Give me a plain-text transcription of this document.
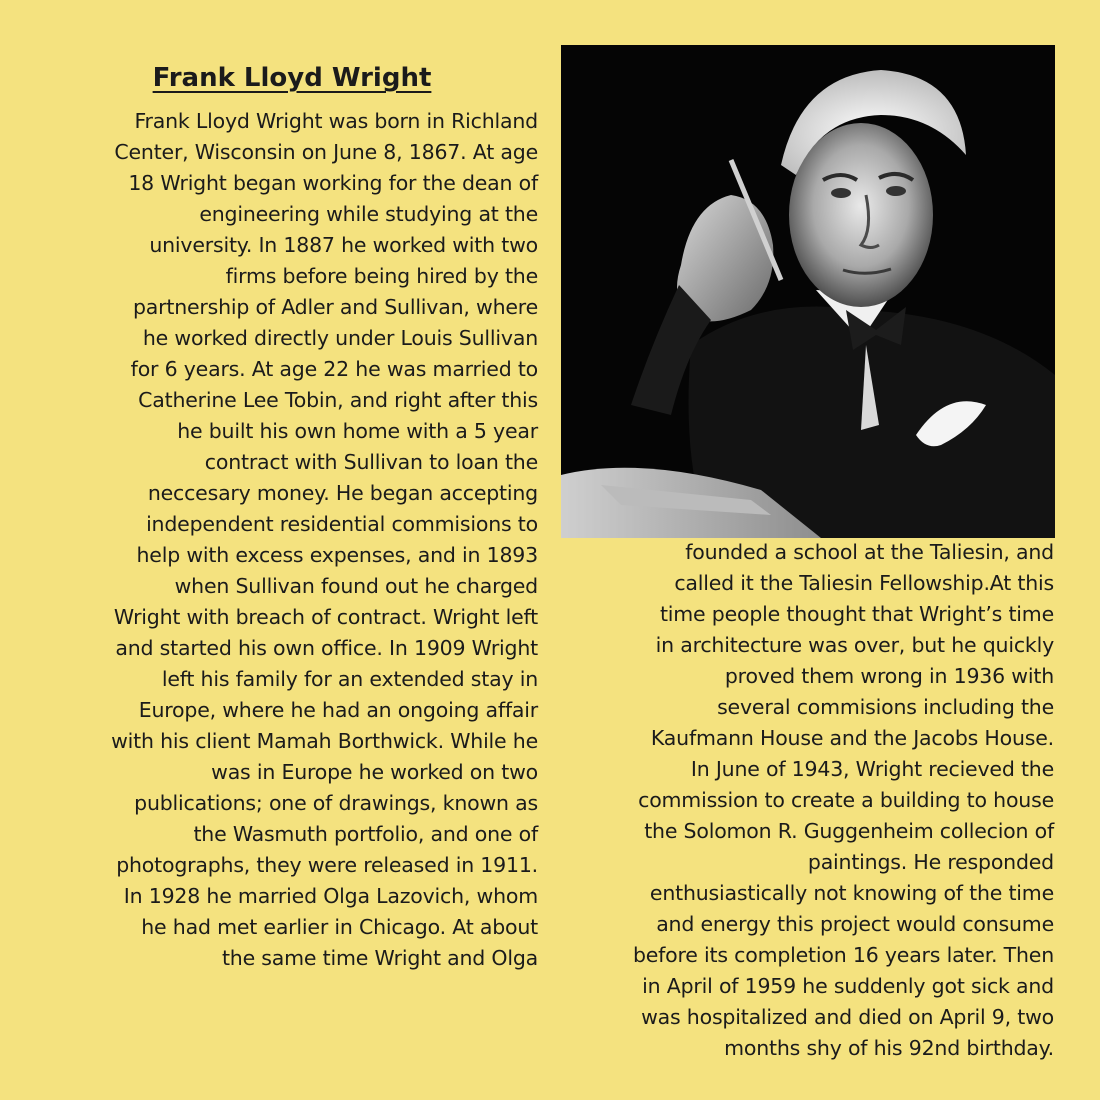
Frank Lloyd Wright
Frank Lloyd Wright was born in Richland
Center, Wisconsin on June 8, 1867. At age
18 Wright began working for the dean of
engineering while studying at the
university. In 1887 he worked with two
firms before being hired by the
partnership of Adler and Sullivan, where
he worked directly under Louis Sullivan
for 6 years. At age 22 he was married to
Catherine Lee Tobin, and right after this
he built his own home with a 5 year
contract with Sullivan to loan the
neccesary money. He began accepting
independent residential commisions to
help with excess expenses, and in 1893
when Sullivan found out he charged
Wright with breach of contract. Wright left
and started his own office. In 1909 Wright
left his family for an extended stay in
Europe, where he had an ongoing affair
with his client Mamah Borthwick. While he
was in Europe he worked on two
publications; one of drawings, known as
the Wasmuth portfolio, and one of
photographs, they were released in 1911.
In 1928 he married Olga Lazovich, whom
he had met earlier in Chicago. At about
the same time Wright and Olga
founded a school at the Taliesin, and
called it the Taliesin Fellowship.At this
time people thought that Wright’s time
in architecture was over, but he quickly
proved them wrong in 1936 with
several commisions including the
Kaufmann House and the Jacobs House.
In June of 1943, Wright recieved the
commission to create a building to house
the Solomon R. Guggenheim collecion of
paintings. He responded
enthusiastically not knowing of the time
and energy this project would consume
before its completion 16 years later. Then
in April of 1959 he suddenly got sick and
was hospitalized and died on April 9, two
months shy of his 92nd birthday.
